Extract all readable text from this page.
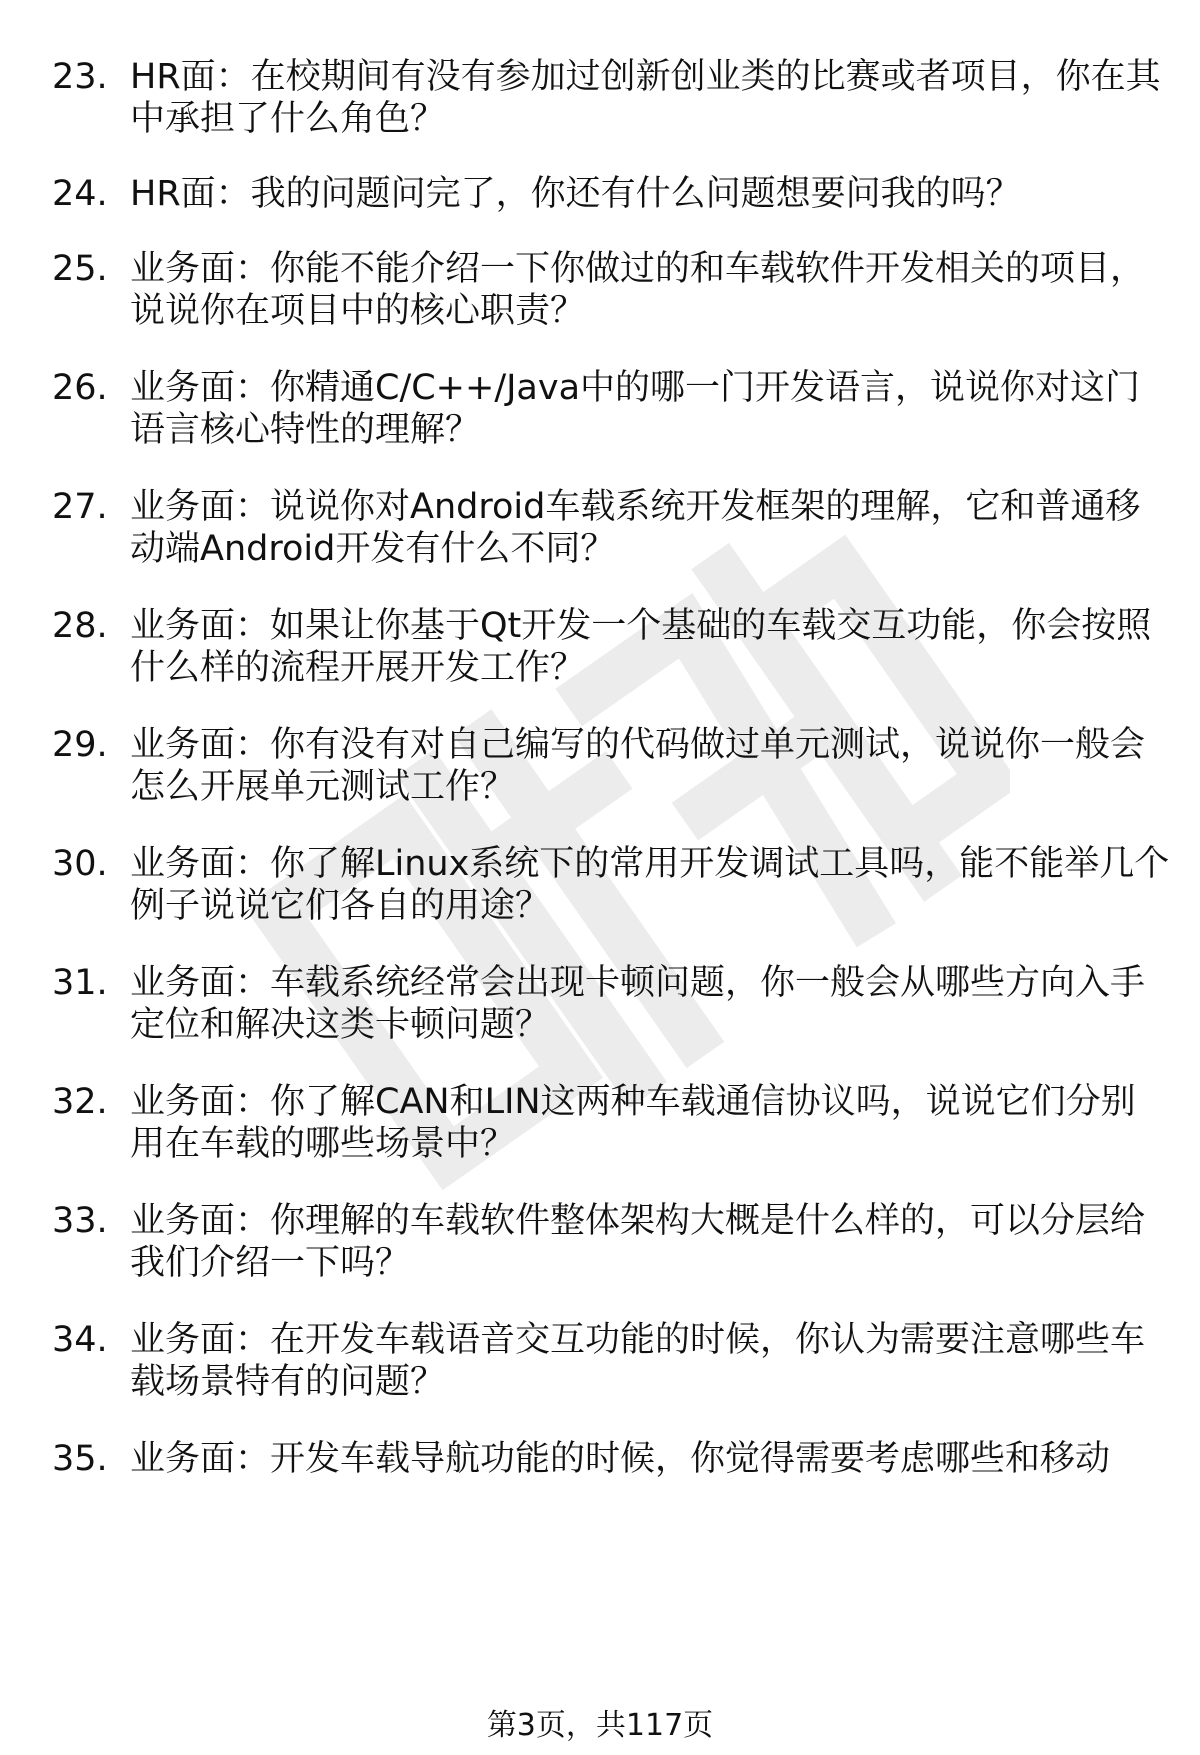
23. HR面：在校期间有没有参加过创新创业类的比赛或者项目，你在其中承担了什么角色？
24. HR面：我的问题问完了，你还有什么问题想要问我的吗？
25. 业务面：你能不能介绍一下你做过的和车载软件开发相关的项目，说说你在项目中的核心职责？
26. 业务面：你精通C/C++/Java中的哪一门开发语言，说说你对这门语言核心特性的理解？
27. 业务面：说说你对Android车载系统开发框架的理解，它和普通移动端Android开发有什么不同？
28. 业务面：如果让你基于Qt开发一个基础的车载交互功能，你会按照什么样的流程开展开发工作？
29. 业务面：你有没有对自己编写的代码做过单元测试，说说你一般会怎么开展单元测试工作？
30. 业务面：你了解Linux系统下的常用开发调试工具吗，能不能举几个例子说说它们各自的用途？
31. 业务面：车载系统经常会出现卡顿问题，你一般会从哪些方向入手定位和解决这类卡顿问题？
32. 业务面：你了解CAN和LIN这两种车载通信协议吗，说说它们分别用在车载的哪些场景中？
33. 业务面：你理解的车载软件整体架构大概是什么样的，可以分层给我们介绍一下吗？
34. 业务面：在开发车载语音交互功能的时候，你认为需要注意哪些车载场景特有的问题？
35. 业务面：开发车载导航功能的时候，你觉得需要考虑哪些和移动
第3页，共117页
